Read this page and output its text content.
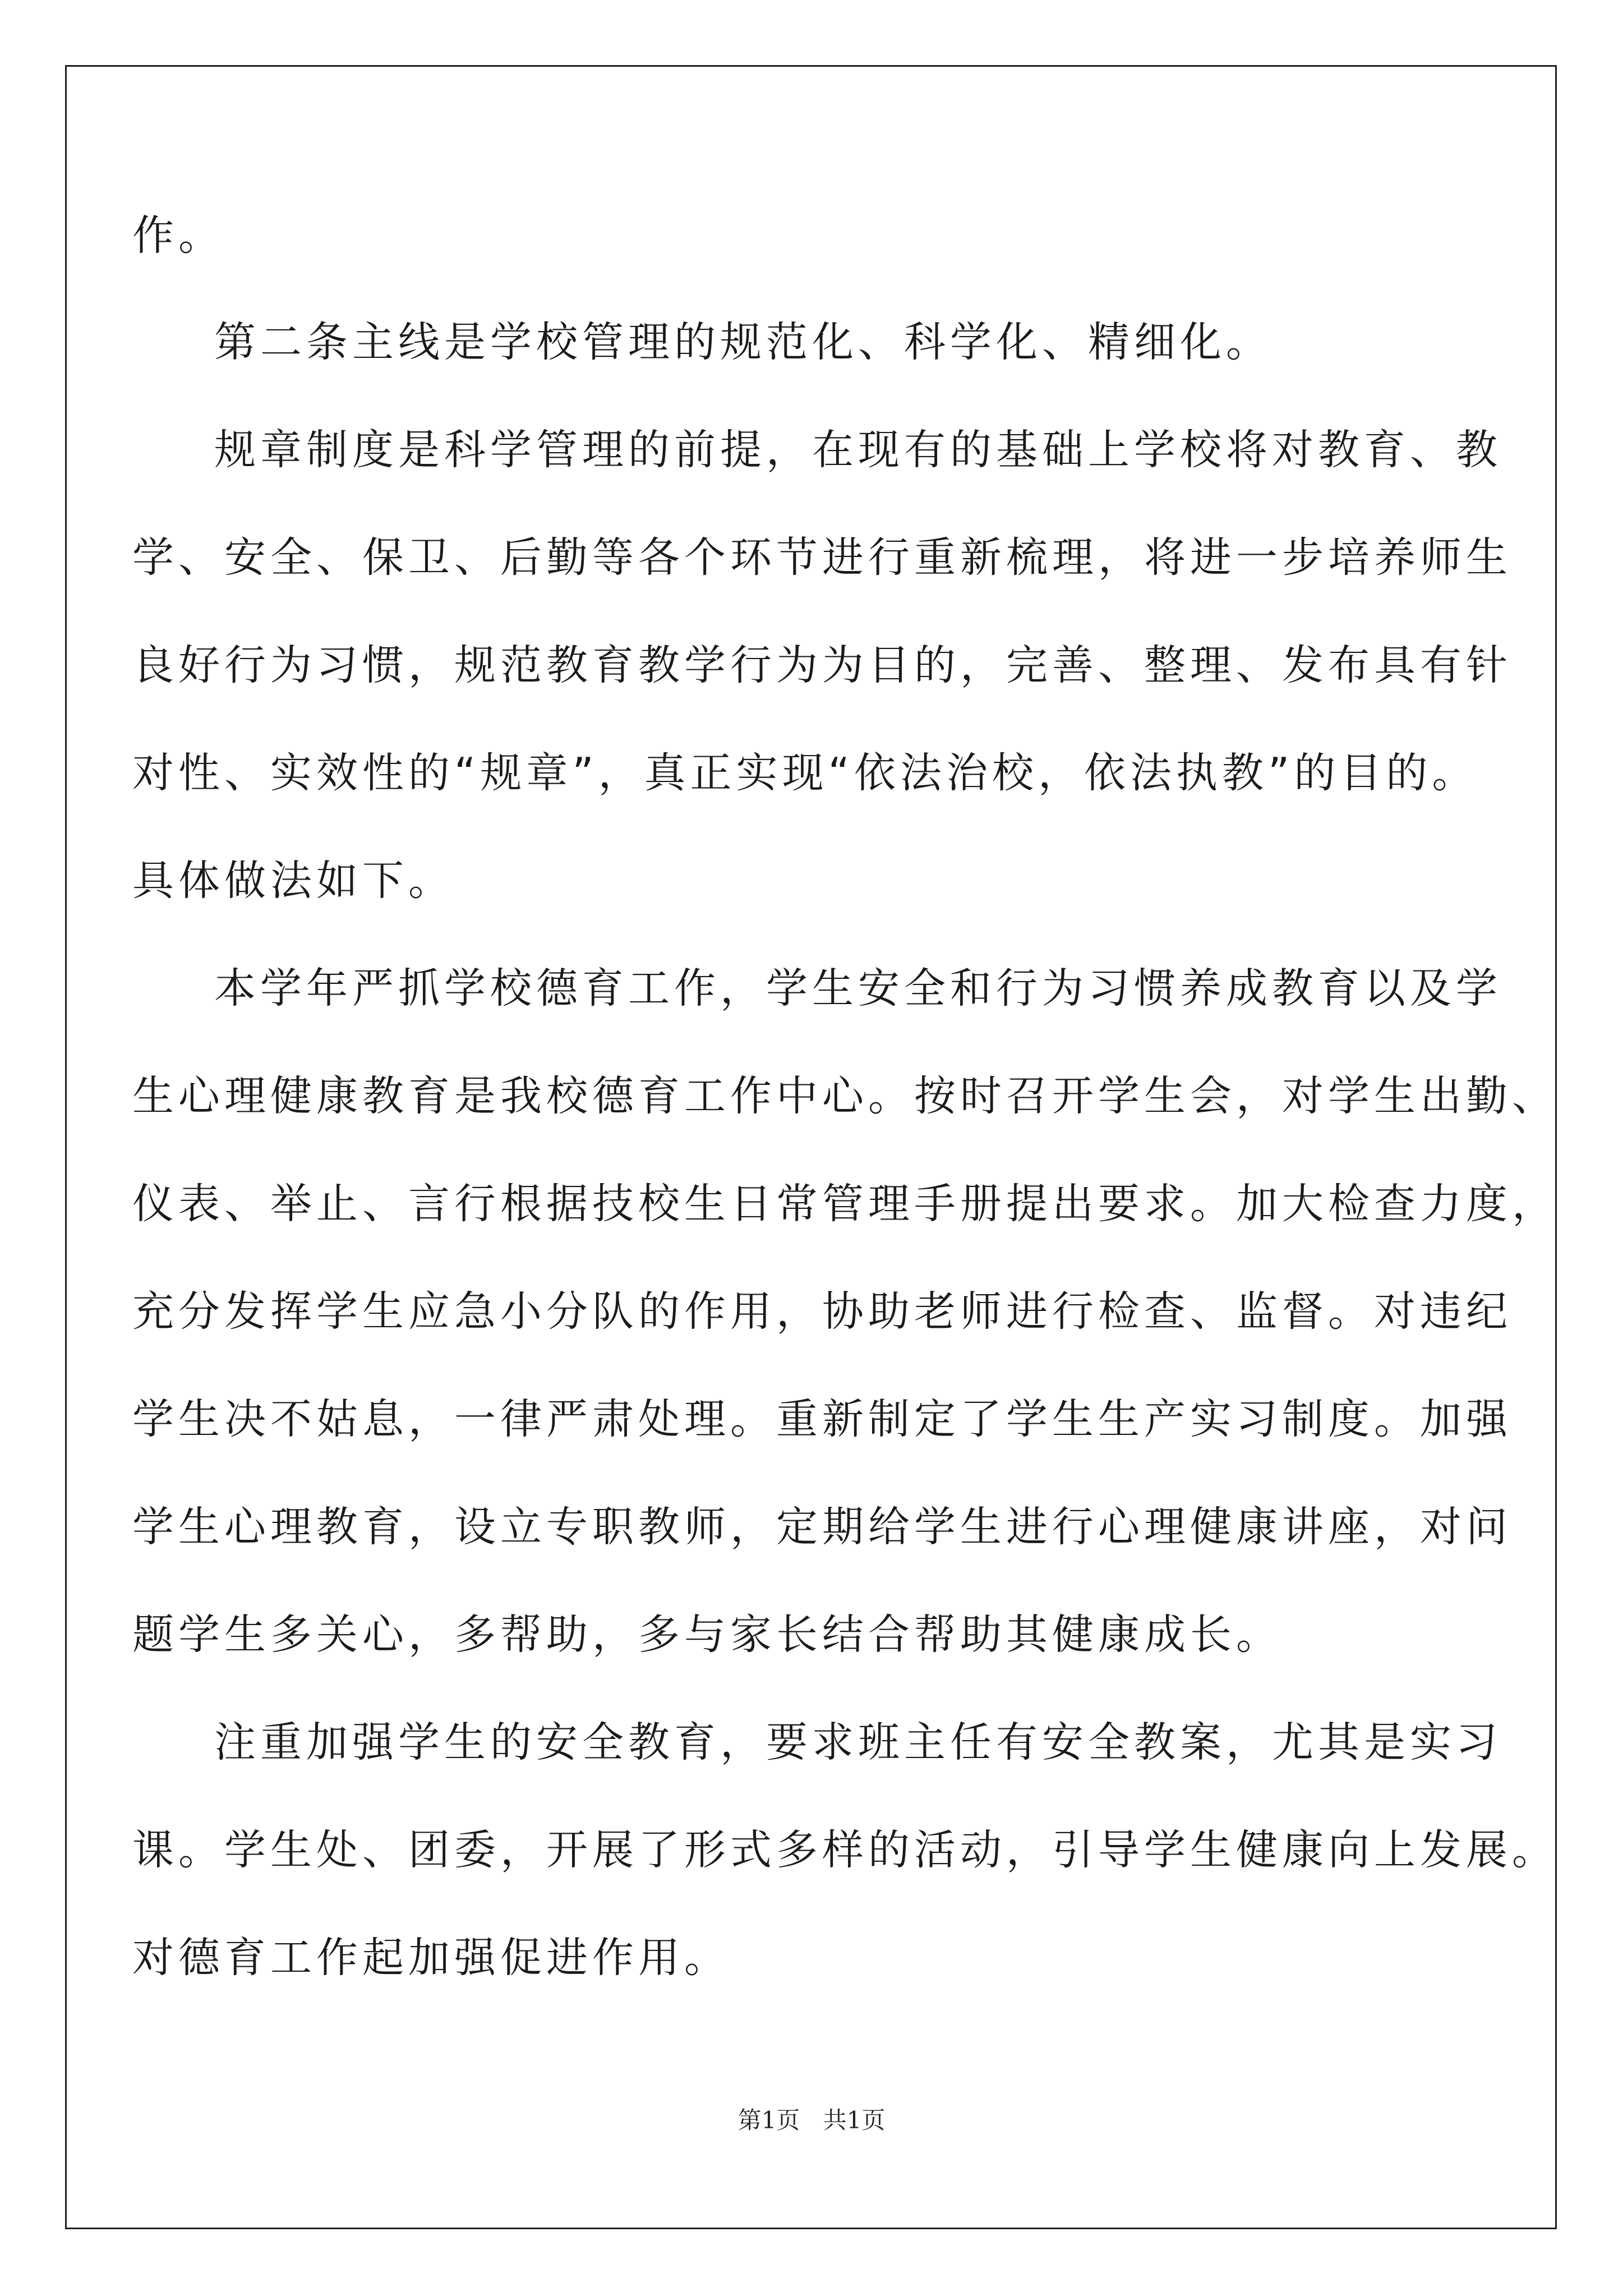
作。

第二条主线是学校管理的规范化、科学化、精细化。

规章制度是科学管理的前提，在现有的基础上学校将对教育、教

学、安全、保卫、后勤等各个环节进行重新梳理，将进一步培养师生

良好行为习惯，规范教育教学行为为目的，完善、整理、发布具有针

对性、实效性的“规章”，真正实现“依法治校，依法执教”的目的。

具体做法如下。

本学年严抓学校德育工作，学生安全和行为习惯养成教育以及学

生心理健康教育是我校德育工作中心。按时召开学生会，对学生出勤、

仪表、举止、言行根据技校生日常管理手册提出要求。加大检查力度，

充分发挥学生应急小分队的作用，协助老师进行检查、监督。对违纪

学生决不姑息，一律严肃处理。重新制定了学生生产实习制度。加强

学生心理教育，设立专职教师，定期给学生进行心理健康讲座，对问

题学生多关心，多帮助，多与家长结合帮助其健康成长。

注重加强学生的安全教育，要求班主任有安全教案，尤其是实习

课。学生处、团委，开展了形式多样的活动，引导学生健康向上发展。

对德育工作起加强促进作用。

第1页 共1页
